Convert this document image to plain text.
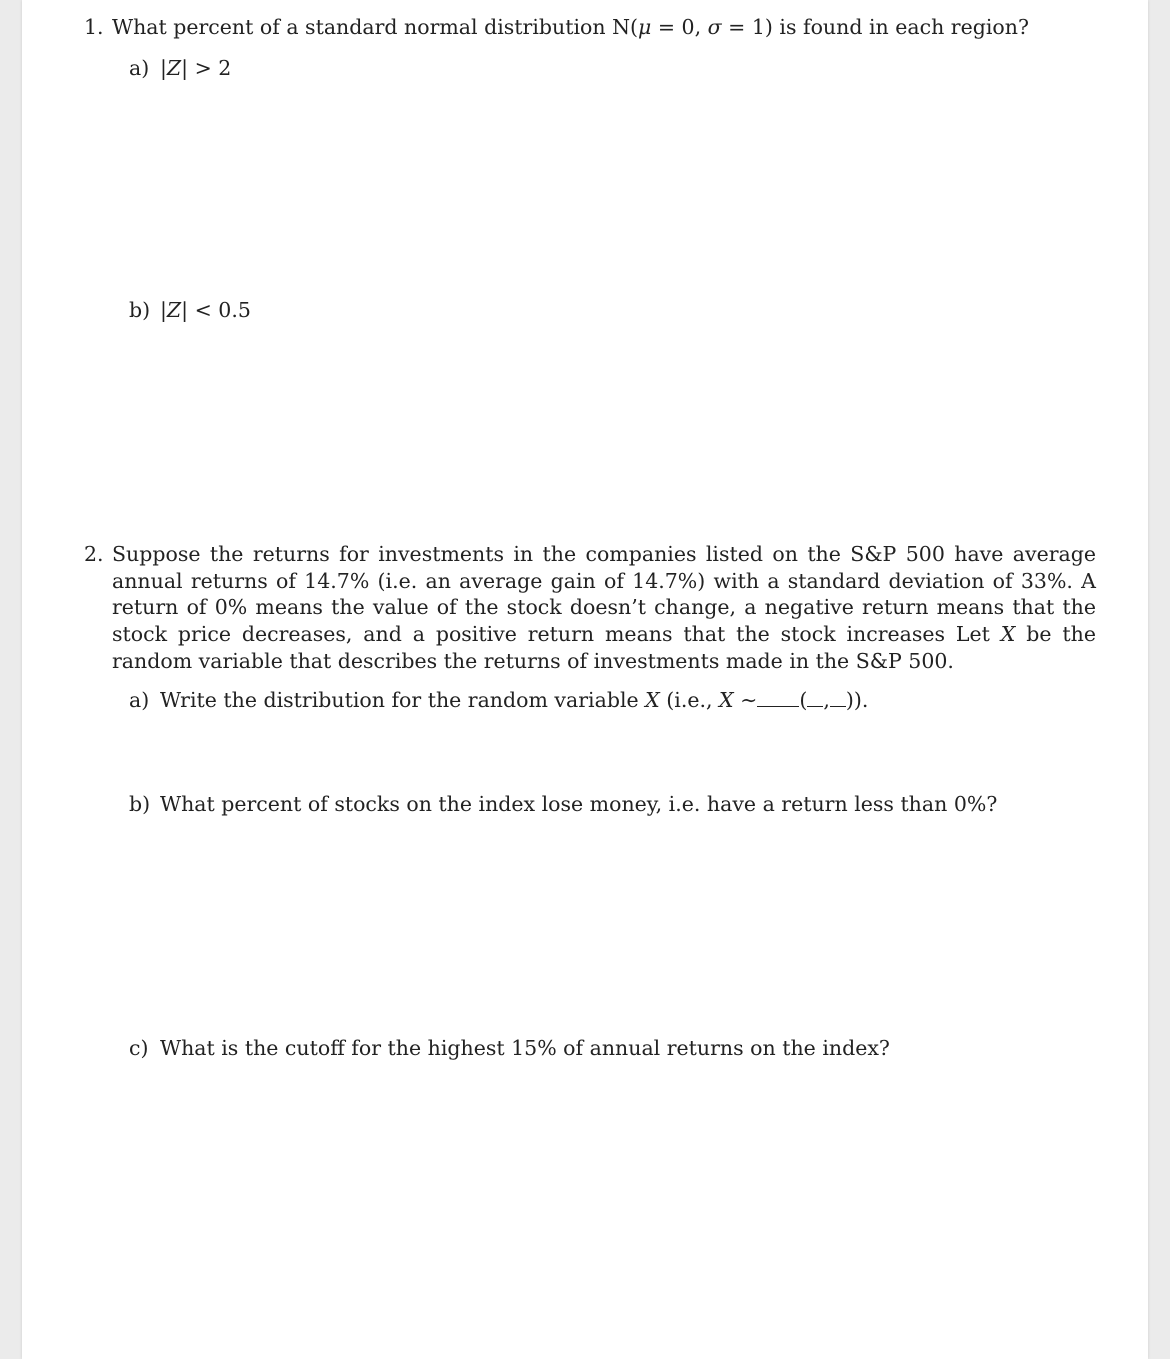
1. What percent of a standard normal distribution N(μ = 0, σ = 1) is found in each region?
a) |Z| > 2
b) |Z| < 0.5
2. Suppose the returns for investments in the companies listed on the S&P 500 have average annual returns of 14.7% (i.e. an average gain of 14.7%) with a standard deviation of 33%. A return of 0% means the value of the stock doesn’t change, a negative return means that the stock price decreases, and a positive return means that the stock increases Let X be the random variable that describes the returns of investments made in the S&P 500.
a) Write the distribution for the random variable X (i.e., X ∼ ( , )).
b) What percent of stocks on the index lose money, i.e. have a return less than 0%?
c) What is the cutoff for the highest 15% of annual returns on the index?
